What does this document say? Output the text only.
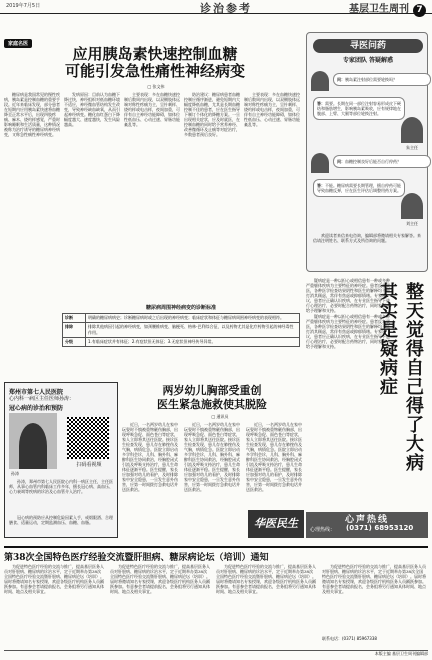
2019年7月5日	诊治参考	基层卫生周刊 7
家庭名医
应用胰岛素快速控制血糖
可能引发急性痛性神经病变
□ 张文伟

糖尿病是我国常见的慢性疾病，胰岛素是控制血糖的重要手段。近年来临床发现，部分患者在短期内应用胰岛素快速将血糖降至正常水平后，出现四肢疼痛、麻木、烧灼样感觉，严重时影响睡眠和生活质量，这种情况被称为治疗诱导的糖尿病神经病变，又称急性痛性神经病变。

发病原因：目前认为血糖下降过快，神经组织对低血糖环境不适应，神经微血管结构发生改变，导致神经缺血缺氧，从而引起神经病变。糖化血红蛋白下降幅度越大、速度越快，发生风险越高。

主要表现：多在血糖快速控制后数周内出现，以双侧肢体远端对称性疼痛为主，呈针刺样、烧灼样或电击样，夜间加重，可伴有自主神经功能障碍，如体位性低血压、心动过速、胃肠功能紊乱等。

防治建议：糖尿病患者血糖控制应循序渐进，避免短期内大幅度降低血糖，尤其是长期血糖控制不佳的患者，应在医生指导下制订个体化的降糖方案。一旦出现相关症状，应及时就医，在控制血糖的同时给予营养神经、改善微循环及止痛等对症治疗，多数患者预后良好。

主要表现：多在血糖快速控制后数周内出现，以双侧肢体远端对称性疼痛为主，呈针刺样、烧灼样或电击样，夜间加重，可伴有自主神经功能障碍，如体位性低血压、心动过速、胃肠功能紊乱等。

糖尿病周围神经病变的诊断标准
诊断	明确的糖尿病病史；诊断糖尿病时或之后出现的神经病变；临床症状和体征与糖尿病周围神经病变的表现相符。
排除	排除其他病因引起的神经病变，如颈腰椎病变、脑梗死、格林-巴利综合征，以及药物尤其是化疗药物引起的神经毒性作用。
分级	1.有临床症状并有体征；2.有症状但无体征；3.无症状但神经传导异常。
寻医问药
专家团队 答疑解惑
问：胰岛素注射部位需要轮换吗？
答：需要。长期在同一部位注射容易形成皮下硬结和脂肪增生，影响胰岛素吸收，应有规律地在腹部、上臂、大腿等部位轮换注射。
朱主任
问：血糖控制良好后能否自行停药？
答：不能。糖尿病需要长期管理，擅自停药可能导致血糖反弹，应在医生评估后调整用药方案。
刘主任

欢迎读者来信来电咨询，编辑部将邀请相关专家解答。来信请注明姓名、联系方式及所咨询的问题。

疑病症是一种以担心或相信患有一种或多种严重躯体疾病为主要特征的神经症。患者反复就医，各种医学检查结果阴性和医生的解释均不能打消其顾虑，常伴有焦虑或抑郁情绪。专家建议，患者应正确认识疾病，在专业医生指导下进行心理治疗，必要时配合药物治疗，同时家属应给予理解和支持。

疑病症是一种以担心或相信患有一种或多种严重躯体疾病为主要特征的神经症。患者反复就医，各种医学检查结果阴性和医生的解释均不能打消其顾虑，常伴有焦虑或抑郁情绪。专家建议，患者应正确认识疾病，在专业医生指导下进行心理治疗，必要时配合药物治疗，同时家属应给予理解和支持。	整天觉得自己得了大病　其实是疑病症
两岁幼儿胸部受重创
医生紧急施救使其脱险
□ 通讯员

近日，一名两岁幼儿在家中玩耍时不慎被重物砸伤胸部，出现呼吸急促、面色苍白等症状，家人立即将其送往医院。接诊医生检查发现，患儿存在肺挫伤及气胸，病情危急。医院立即启动多学科会诊，儿科、胸外科、麻醉科医生协同救治，经胸腔闭式引流及呼吸支持治疗，患儿生命体征逐渐平稳。医生提醒，家长应加强对幼儿的看护，及时排除家中安全隐患，一旦发生意外伤害，应第一时间拨打急救电话并送医救治。

近日，一名两岁幼儿在家中玩耍时不慎被重物砸伤胸部，出现呼吸急促、面色苍白等症状，家人立即将其送往医院。接诊医生检查发现，患儿存在肺挫伤及气胸，病情危急。医院立即启动多学科会诊，儿科、胸外科、麻醉科医生协同救治，经胸腔闭式引流及呼吸支持治疗，患儿生命体征逐渐平稳。医生提醒，家长应加强对幼儿的看护，及时排除家中安全隐患，一旦发生意外伤害，应第一时间拨打急救电话并送医救治。

近日，一名两岁幼儿在家中玩耍时不慎被重物砸伤胸部，出现呼吸急促、面色苍白等症状，家人立即将其送往医院。接诊医生检查发现，患儿存在肺挫伤及气胸，病情危急。医院立即启动多学科会诊，儿科、胸外科、麻醉科医生协同救治，经胸腔闭式引流及呼吸支持治疗，患儿生命体征逐渐平稳。医生提醒，家长应加强对幼儿的看护，及时排除家中安全隐患，一旦发生意外伤害，应第一时间拨打急救电话并送医救治。

华医民生
郑州市第七人民医院
心内科一病区主任医师孙涛：
冠心病的诊治和预防
孙涛
扫码看视频

孙涛，郑州市第七人民医院心内科一病区主任，主任医师，从事心血管内科临床工作多年，擅长冠心病、高血压、心力衰竭等疾病的诊治及心血管介入治疗。

冠心病的预防应从控制危险因素入手，戒烟限酒、合理膳食、适量运动，定期监测血压、血糖、血脂。	心声热线
心理热线： (0371) 68953120
第38次全国特色医疗经验交流暨肝胆病、糖尿病论坛（培训）通知

为促进特色医疗经验的交流与推广，提高基层医务人员对肝胆病、糖尿病的诊治水平，定于近期举办第38次全国特色医疗经验交流暨肝胆病、糖尿病论坛（培训）。届时将邀请知名专家授课，欢迎各级医疗机构医务人员踊跃参加。有意参会者请提前报名，会务组将另行通知具体时间、地点及相关事宜。

为促进特色医疗经验的交流与推广，提高基层医务人员对肝胆病、糖尿病的诊治水平，定于近期举办第38次全国特色医疗经验交流暨肝胆病、糖尿病论坛（培训）。届时将邀请知名专家授课，欢迎各级医疗机构医务人员踊跃参加。有意参会者请提前报名，会务组将另行通知具体时间、地点及相关事宜。

为促进特色医疗经验的交流与推广，提高基层医务人员对肝胆病、糖尿病的诊治水平，定于近期举办第38次全国特色医疗经验交流暨肝胆病、糖尿病论坛（培训）。届时将邀请知名专家授课，欢迎各级医疗机构医务人员踊跃参加。有意参会者请提前报名，会务组将另行通知具体时间、地点及相关事宜。

为促进特色医疗经验的交流与推广，提高基层医务人员对肝胆病、糖尿病的诊治水平，定于近期举办第38次全国特色医疗经验交流暨肝胆病、糖尿病论坛（培训）。届时将邀请知名专家授课，欢迎各级医疗机构医务人员踊跃参加。有意参会者请提前报名，会务组将另行通知具体时间、地点及相关事宜。

联系电话：(0371) 85967338
本版主编 基层卫生周刊编辑部
